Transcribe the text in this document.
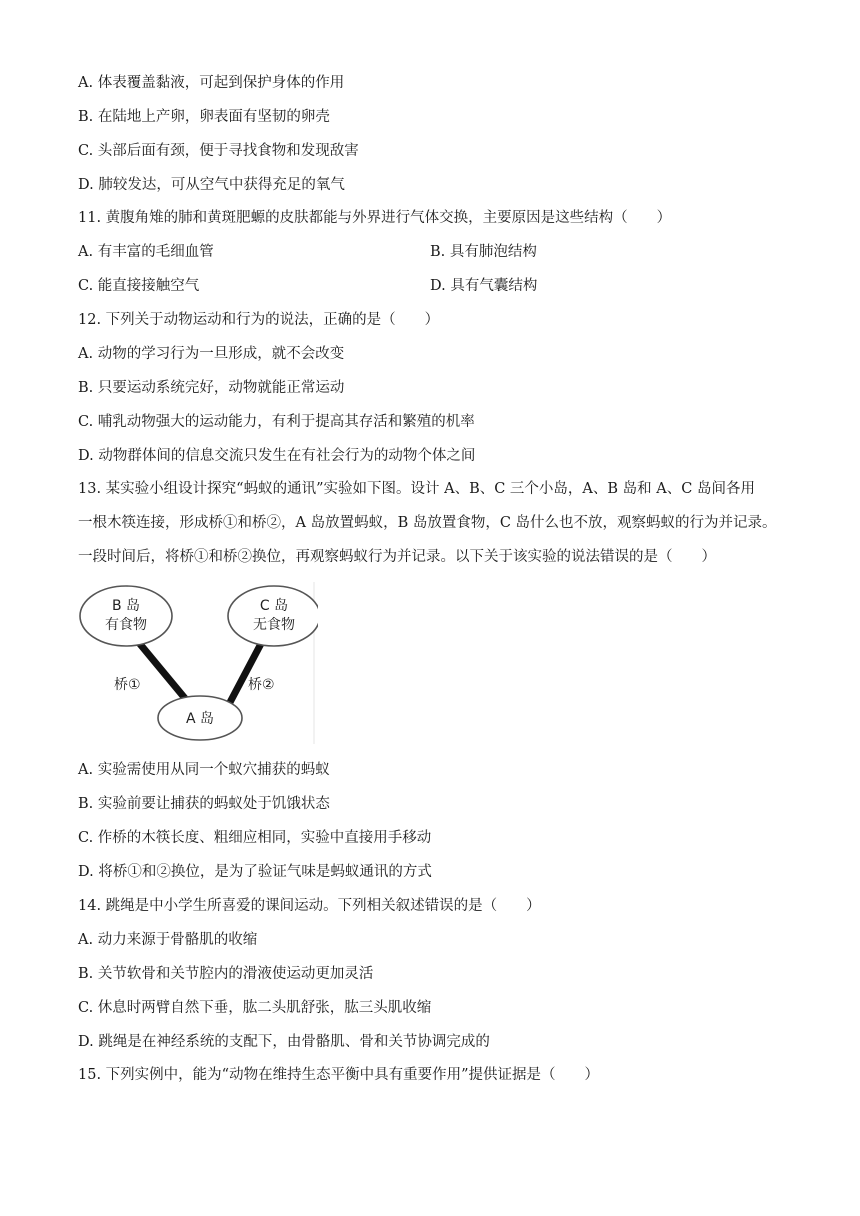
A. 体表覆盖黏液，可起到保护身体的作用
B. 在陆地上产卵，卵表面有坚韧的卵壳
C. 头部后面有颈，便于寻找食物和发现敌害
D. 肺较发达，可从空气中获得充足的氧气
11. 黄腹角雉的肺和黄斑肥螈的皮肤都能与外界进行气体交换，主要原因是这些结构（　　）
A. 有丰富的毛细血管	B. 具有肺泡结构
C. 能直接接触空气	D. 具有气囊结构
12. 下列关于动物运动和行为的说法，正确的是（　　）
A. 动物的学习行为一旦形成，就不会改变
B. 只要运动系统完好，动物就能正常运动
C. 哺乳动物强大的运动能力，有利于提高其存活和繁殖的机率
D. 动物群体间的信息交流只发生在有社会行为的动物个体之间
13. 某实验小组设计探究“蚂蚁的通讯”实验如下图。设计 A、B、C 三个小岛，A、B 岛和 A、C 岛间各用
一根木筷连接，形成桥①和桥②，A 岛放置蚂蚁，B 岛放置食物，C 岛什么也不放，观察蚂蚁的行为并记录。
一段时间后，将桥①和桥②换位，再观察蚂蚁行为并记录。以下关于该实验的说法错误的是（　　）
B 岛
有食物
C 岛
无食物
A 岛
桥①	桥②
A. 实验需使用从同一个蚁穴捕获的蚂蚁
B. 实验前要让捕获的蚂蚁处于饥饿状态
C. 作桥的木筷长度、粗细应相同，实验中直接用手移动
D. 将桥①和②换位，是为了验证气味是蚂蚁通讯的方式
14. 跳绳是中小学生所喜爱的课间运动。下列相关叙述错误的是（　　）
A. 动力来源于骨骼肌的收缩
B. 关节软骨和关节腔内的滑液使运动更加灵活
C. 休息时两臂自然下垂，肱二头肌舒张，肱三头肌收缩
D. 跳绳是在神经系统的支配下，由骨骼肌、骨和关节协调完成的
15. 下列实例中，能为“动物在维持生态平衡中具有重要作用”提供证据是（　　）
